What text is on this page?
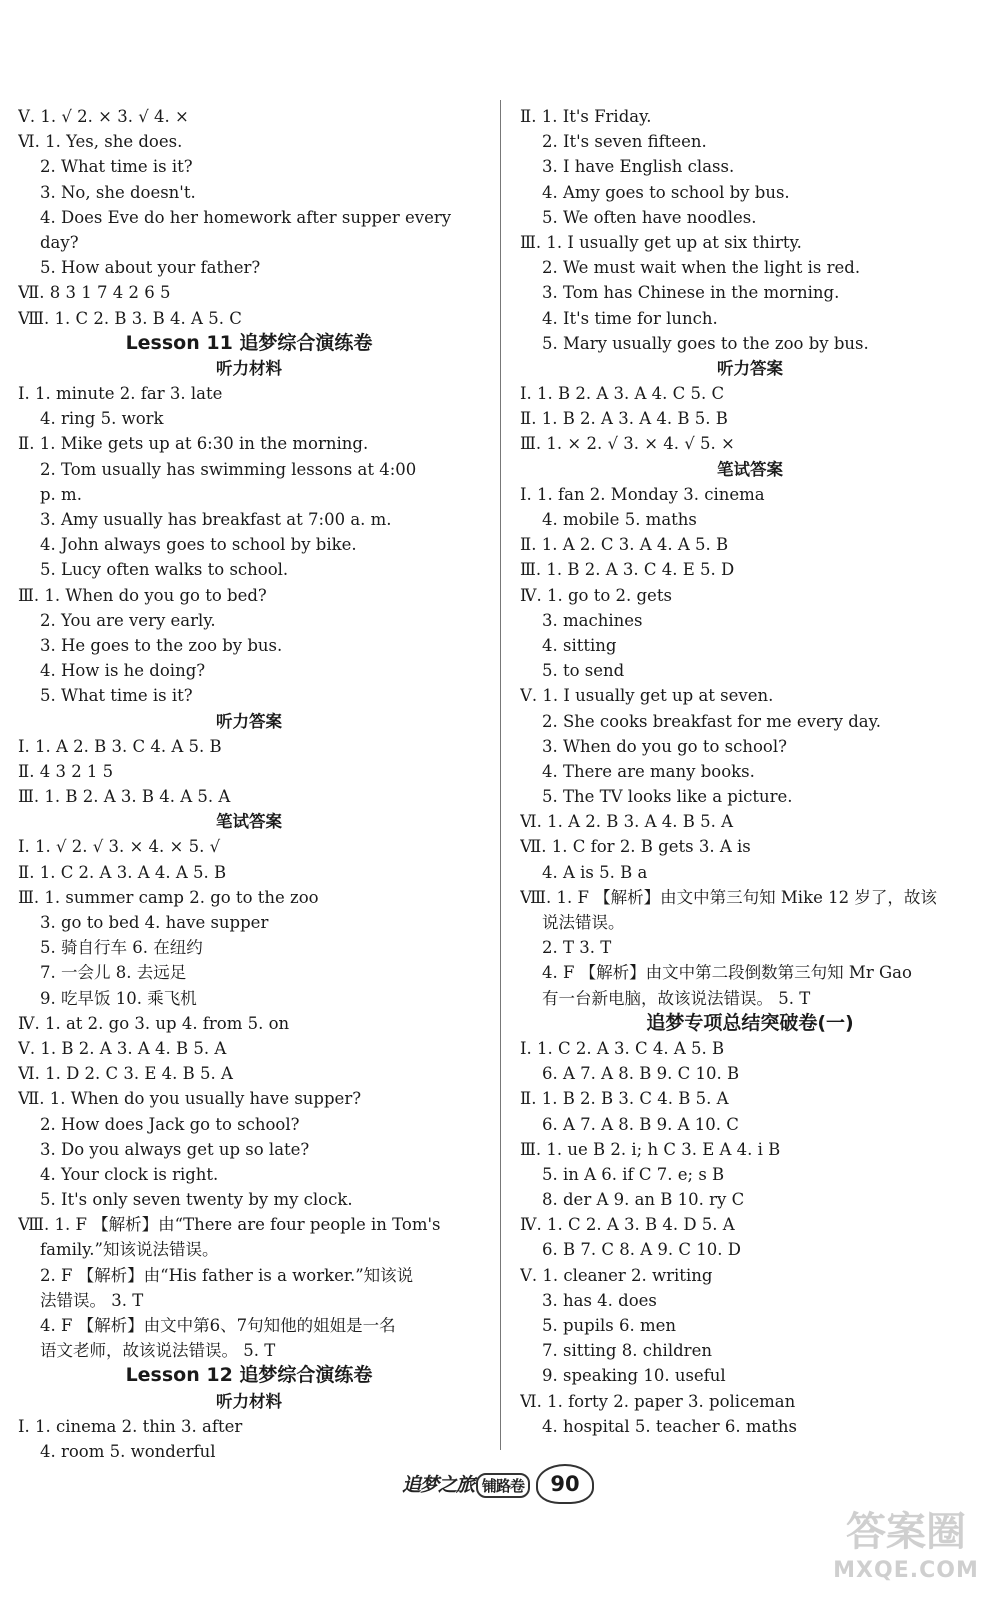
Ⅴ. 1. √ 2. × 3. √ 4. ×
Ⅵ. 1. Yes, she does.
2. What time is it?
3. No, she doesn't.
4. Does Eve do her homework after supper every
day?
5. How about your father?
Ⅶ. 8 3 1 7 4 2 6 5
Ⅷ. 1. C 2. B 3. B 4. A 5. C
Lesson 11 追梦综合演练卷
听力材料
Ⅰ. 1. minute 2. far 3. late
4. ring 5. work
Ⅱ. 1. Mike gets up at 6:30 in the morning.
2. Tom usually has swimming lessons at 4:00
p. m.
3. Amy usually has breakfast at 7:00 a. m.
4. John always goes to school by bike.
5. Lucy often walks to school.
Ⅲ. 1. When do you go to bed?
2. You are very early.
3. He goes to the zoo by bus.
4. How is he doing?
5. What time is it?
听力答案
Ⅰ. 1. A 2. B 3. C 4. A 5. B
Ⅱ. 4 3 2 1 5
Ⅲ. 1. B 2. A 3. B 4. A 5. A
笔试答案
Ⅰ. 1. √ 2. √ 3. × 4. × 5. √
Ⅱ. 1. C 2. A 3. A 4. A 5. B
Ⅲ. 1. summer camp 2. go to the zoo
3. go to bed 4. have supper
5. 骑自行车 6. 在纽约
7. 一会儿 8. 去远足
9. 吃早饭 10. 乘飞机
Ⅳ. 1. at 2. go 3. up 4. from 5. on
Ⅴ. 1. B 2. A 3. A 4. B 5. A
Ⅵ. 1. D 2. C 3. E 4. B 5. A
Ⅶ. 1. When do you usually have supper?
2. How does Jack go to school?
3. Do you always get up so late?
4. Your clock is right.
5. It's only seven twenty by my clock.
Ⅷ. 1. F 【解析】由“There are four people in Tom's
family.”知该说法错误。
2. F 【解析】由“His father is a worker.”知该说
法错误。 3. T
4. F 【解析】由文中第6、7句知他的姐姐是一名
语文老师，故该说法错误。 5. T
Lesson 12 追梦综合演练卷
听力材料
Ⅰ. 1. cinema 2. thin 3. after
4. room 5. wonderful
Ⅱ. 1. It's Friday.
2. It's seven fifteen.
3. I have English class.
4. Amy goes to school by bus.
5. We often have noodles.
Ⅲ. 1. I usually get up at six thirty.
2. We must wait when the light is red.
3. Tom has Chinese in the morning.
4. It's time for lunch.
5. Mary usually goes to the zoo by bus.
听力答案
Ⅰ. 1. B 2. A 3. A 4. C 5. C
Ⅱ. 1. B 2. A 3. A 4. B 5. B
Ⅲ. 1. × 2. √ 3. × 4. √ 5. ×
笔试答案
Ⅰ. 1. fan 2. Monday 3. cinema
4. mobile 5. maths
Ⅱ. 1. A 2. C 3. A 4. A 5. B
Ⅲ. 1. B 2. A 3. C 4. E 5. D
Ⅳ. 1. go to 2. gets
3. machines
4. sitting
5. to send
Ⅴ. 1. I usually get up at seven.
2. She cooks breakfast for me every day.
3. When do you go to school?
4. There are many books.
5. The TV looks like a picture.
Ⅵ. 1. A 2. B 3. A 4. B 5. A
Ⅶ. 1. C for 2. B gets 3. A is
4. A is 5. B a
Ⅷ. 1. F 【解析】由文中第三句知 Mike 12 岁了，故该
说法错误。
2. T 3. T
4. F 【解析】由文中第二段倒数第三句知 Mr Gao
有一台新电脑，故该说法错误。 5. T
追梦专项总结突破卷(一)
Ⅰ. 1. C 2. A 3. C 4. A 5. B
6. A 7. A 8. B 9. C 10. B
Ⅱ. 1. B 2. B 3. C 4. B 5. A
6. A 7. A 8. B 9. A 10. C
Ⅲ. 1. ue B 2. i; h C 3. E A 4. i B
5. in A 6. if C 7. e; s B
8. der A 9. an B 10. ry C
Ⅳ. 1. C 2. A 3. B 4. D 5. A
6. B 7. C 8. A 9. C 10. D
Ⅴ. 1. cleaner 2. writing
3. has 4. does
5. pupils 6. men
7. sitting 8. children
9. speaking 10. useful
Ⅵ. 1. forty 2. paper 3. policeman
4. hospital 5. teacher 6. maths
追梦之旅 铺路卷	90
答案圈
MXQE.COM
